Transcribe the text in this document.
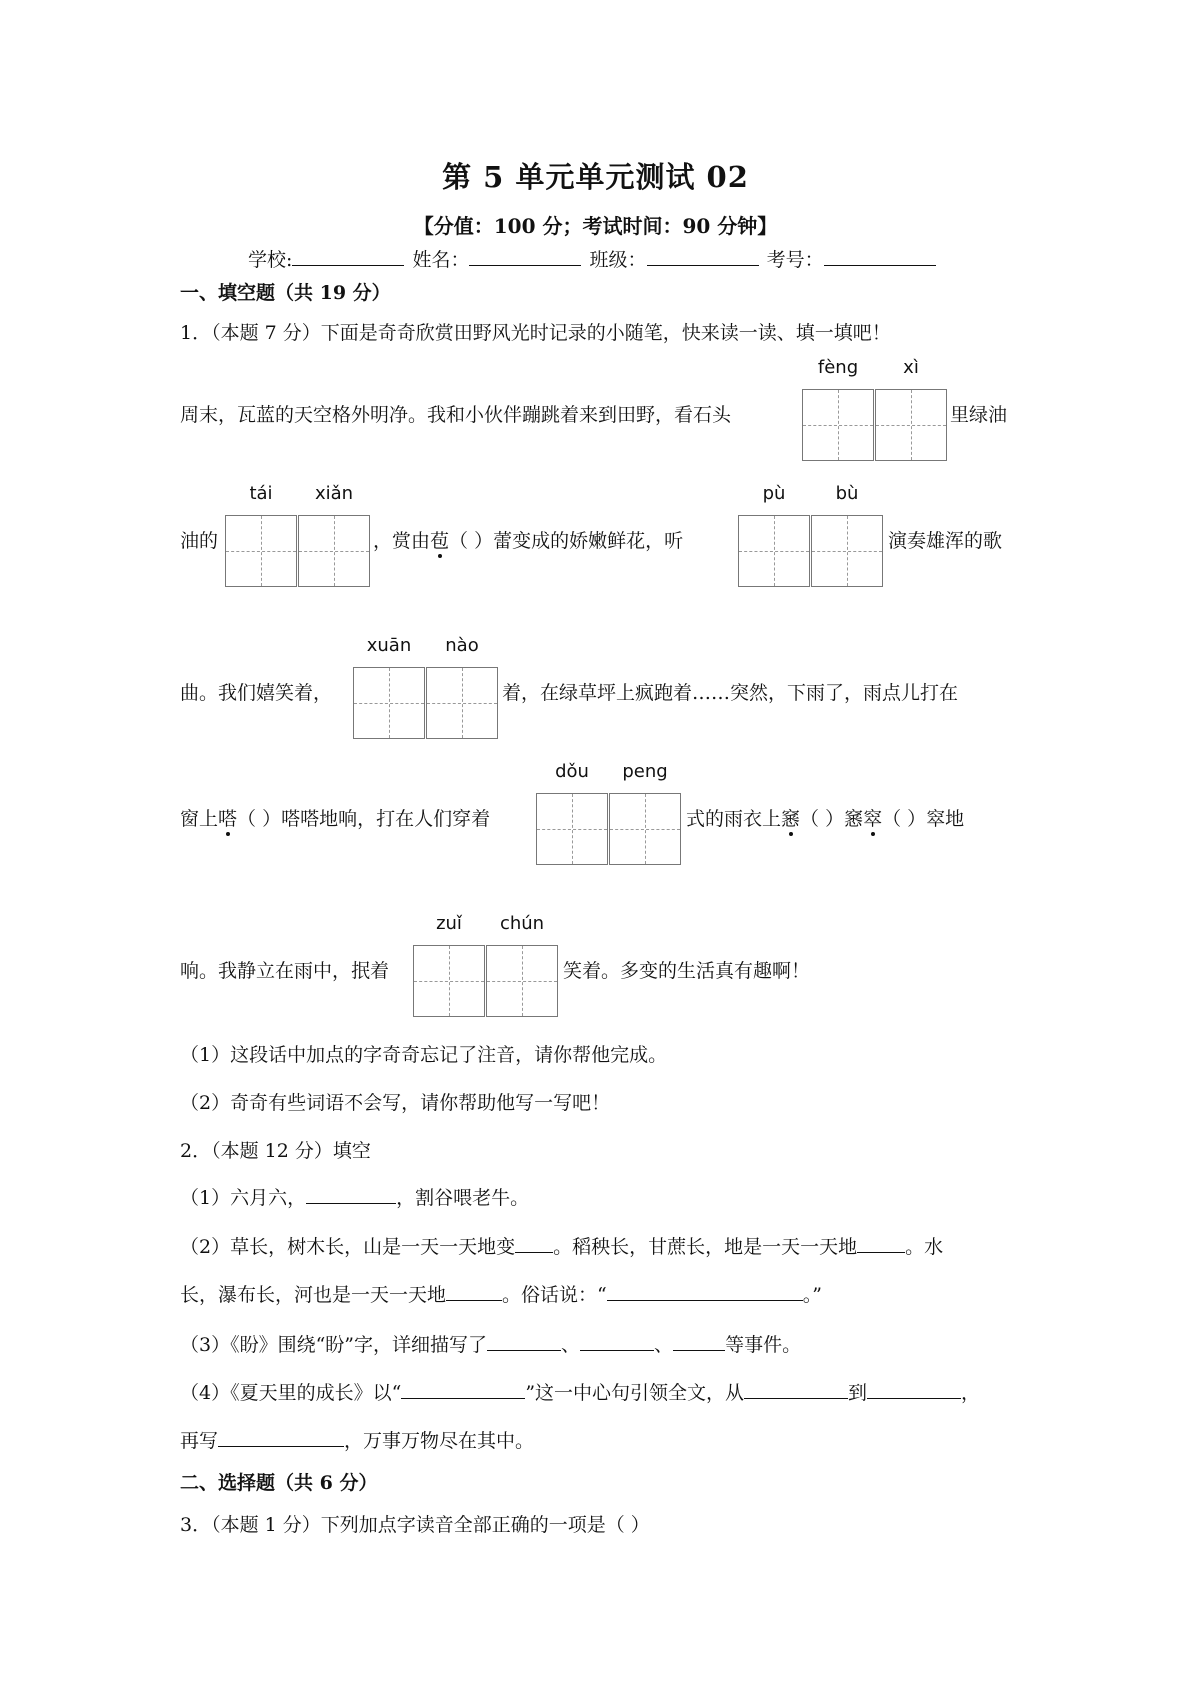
第 5 单元单元测试 02
【分值：100 分；考试时间：90 分钟】
学校:	姓名：	班级：	考号：
一、填空题（共 19 分）
1．（本题 7 分）下面是奇奇欣赏田野风光时记录的小随笔，快来读一读、填一填吧！
周末，瓦蓝的天空格外明净。我和小伙伴蹦跳着来到田野，看石头
fèng	xì
里绿油
油的
tái	xiǎn
，赏由苞（ ）蕾变成的娇嫩鲜花，听
pù	bù
演奏雄浑的歌
曲。我们嬉笑着，
xuān	nào
着，在绿草坪上疯跑着……突然，下雨了，雨点儿打在
窗上嗒（ ）嗒嗒地响，打在人们穿着
dǒu	peng
式的雨衣上窸（ ）窸窣（ ）窣地
响。我静立在雨中，抿着
zuǐ	chún
笑着。多变的生活真有趣啊！
（1）这段话中加点的字奇奇忘记了注音，请你帮他完成。
（2）奇奇有些词语不会写，请你帮助他写一写吧！
2．（本题 12 分）填空
（1）六月六，	，割谷喂老牛。
（2）草长，树木长，山是一天一天地变 。稻秧长，甘蔗长，地是一天一天地	。水
长，瀑布长，河也是一天一天地	。俗话说：“	。”
（3）《盼》围绕“盼”字，详细描写了	、	、	等事件。
（4）《夏天里的成长》以“	”这一中心句引领全文，从	到	，
再写	，万事万物尽在其中。
二、选择题（共 6 分）
3．（本题 1 分）下列加点字读音全部正确的一项是（ ）
